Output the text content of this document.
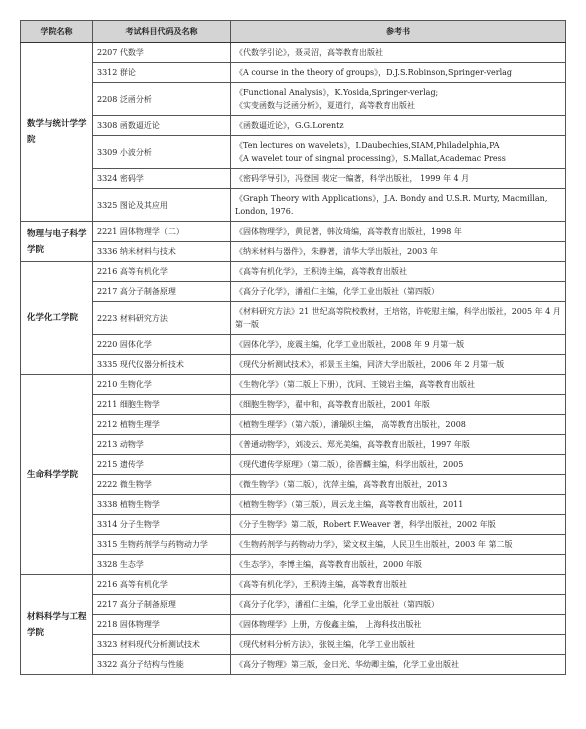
学院名称	考试科目代码及名称	参考书
数学与统计学学院	2207 代数学	《代数学引论》，聂灵沼，高等教育出版社

	3312 群论	《A course in the theory of groups》，D.J.S.Robinson,Springer-verlag

	2208 泛函分析	《Functional Analysis》，K.Yosida,Springer-verlag;
《实变函数与泛函分析》，夏道行，高等教育出版社

	3308 函数逼近论	《函数逼近论》，G.G.Lorentz

	3309 小波分析	《Ten lectures on wavelets》，I.Daubechies,SIAM,Philadelphia,PA
《A wavelet tour of singnal processing》，S.Mallat,Academac Press

	3324 密码学	《密码学导引》，冯登国 裴定一编著，科学出版社， 1999 年 4 月

	3325 图论及其应用	《Graph Theory with Applications》，J.A. Bondy and U.S.R. Murty, Macmillan, London, 1976.

物理与电子科学学院	2221 固体物理学（二）	《固体物理学》，黄昆著，韩汝琦编，高等教育出版社，1998 年

	3336 纳米材料与技术	《纳米材料与器件》，朱静著，清华大学出版社，2003 年

化学化工学院	2216 高等有机化学	《高等有机化学》，王积涛主编，高等教育出版社

	2217 高分子制备原理	《高分子化学》，潘祖仁主编，化学工业出版社（第四版）

	2223 材料研究方法	《材料研究方法》21 世纪高等院校教材，王培铭，许乾慰主编，科学出版社，2005 年 4 月第一版

	2220 固体化学	《固体化学》，庞震主编，化学工业出版社，2008 年 9 月第一版

	3335 现代仪器分析技术	《现代分析测试技术》，祁景玉主编，同济大学出版社，2006 年 2 月第一版

生命科学学院	2210 生物化学	《生物化学》（第二版上下册），沈同、王镜岩主编，高等教育出版社

	2211 细胞生物学	《细胞生物学》，翟中和，高等教育出版社，2001 年版

	2212 植物生理学	《植物生理学》（第六版），潘瑞炽主编， 高等教育出版社，2008

	2213 动物学	《普通动物学》，刘凌云、郑光美编，高等教育出版社，1997 年版

	2215 遗传学	《现代遗传学原理》（第二版），徐晋麟主编，科学出版社，2005

	2222 微生物学	《微生物学》（第二版），沈萍主编，高等教育出版社，2013

	3338 植物生物学	《植物生物学》（第三版），周云龙主编，高等教育出版社，2011

	3314 分子生物学	《分子生物学》第二版，Robert F.Weaver 著，科学出版社，2002 年版

	3315 生物药剂学与药物动力学	《生物药剂学与药物动力学》，梁文权主编，人民卫生出版社，2003 年 第二版

	3328 生态学	《生态学》，李博主编，高等教育出版社，2000 年版

材料科学与工程学院	2216 高等有机化学	《高等有机化学》，王积涛主编，高等教育出版社

	2217 高分子制备原理	《高分子化学》，潘祖仁主编，化学工业出版社（第四版）

	2218 固体物理学	《固体物理学》上册，方俊鑫主编， 上海科技出版社

	3323 材料现代分析测试技术	《现代材料分析方法》，张锐主编，化学工业出版社

	3322 高分子结构与性能	《高分子物理》第三版，金日光、华幼卿主编，化学工业出版社
